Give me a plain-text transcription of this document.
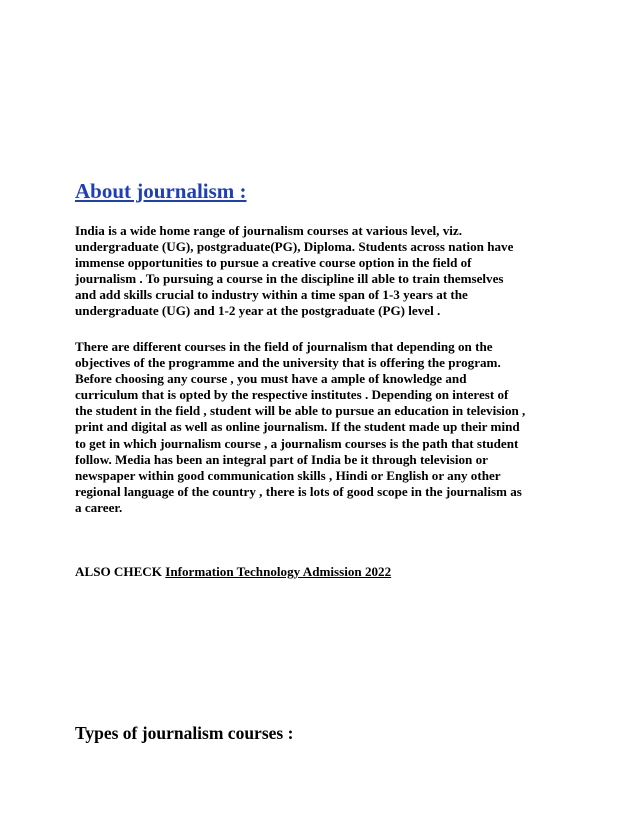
About journalism :

India is a wide home range of journalism courses at various level, viz.
undergraduate (UG), postgraduate(PG), Diploma. Students across nation have
immense opportunities to pursue a creative course option in the field of
journalism . To pursuing a course in the discipline ill able to train themselves
and add skills crucial to industry within a time span of 1-3 years at the
undergraduate (UG) and 1-2 year at the postgraduate (PG) level .

There are different courses in the field of journalism that depending on the
objectives of the programme and the university that is offering the program.
Before choosing any course , you must have a ample of knowledge and
curriculum that is opted by the respective institutes . Depending on interest of
the student in the field , student will be able to pursue an education in television ,
print and digital as well as online journalism. If the student made up their mind
to get in which journalism course , a journalism courses is the path that student
follow. Media has been an integral part of India be it through television or
newspaper within good communication skills , Hindi or English or any other
regional language of the country , there is lots of good scope in the journalism as
a career.

ALSO CHECK Information Technology Admission 2022

Types of journalism courses :
